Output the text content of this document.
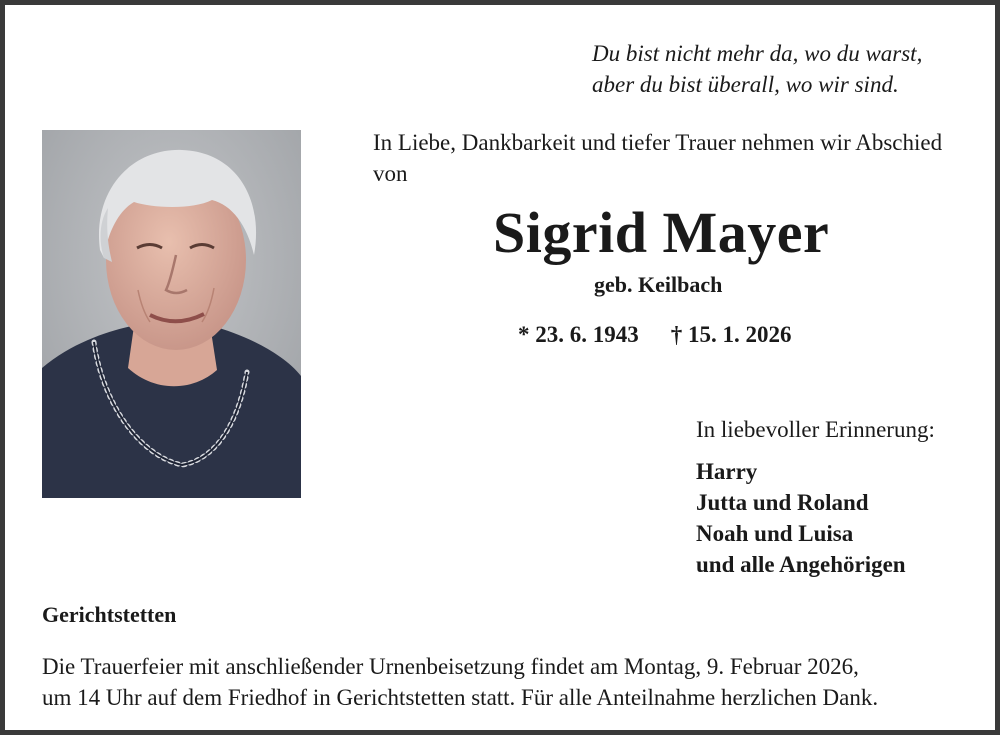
Du bist nicht mehr da, wo du warst,
aber du bist überall, wo wir sind.
In Liebe, Dankbarkeit und tiefer Trauer nehmen wir Abschied von
Sigrid Mayer
geb. Keilbach
* 23. 6. 1943 † 15. 1. 2026
In liebevoller Erinnerung:
Harry
Jutta und Roland
Noah und Luisa
und alle Angehörigen
Gerichtstetten
Die Trauerfeier mit anschließender Urnenbeisetzung findet am Montag, 9. Februar 2026,
um 14 Uhr auf dem Friedhof in Gerichtstetten statt. Für alle Anteilnahme herzlichen Dank.
